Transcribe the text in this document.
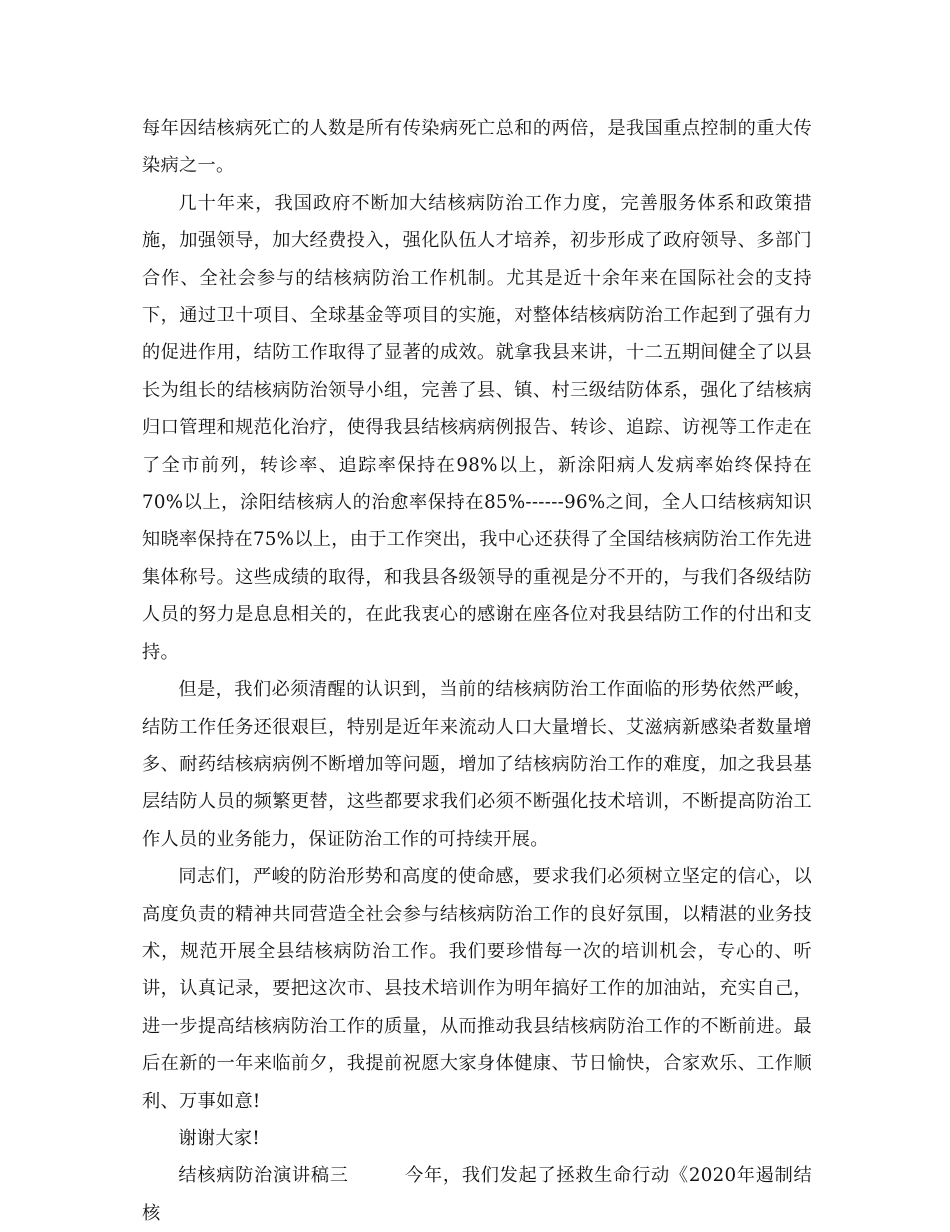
每年因结核病死亡的人数是所有传染病死亡总和的两倍，是我国重点控制的重大传染病之一。

几十年来，我国政府不断加大结核病防治工作力度，完善服务体系和政策措施，加强领导，加大经费投入，强化队伍人才培养，初步形成了政府领导、多部门合作、全社会参与的结核病防治工作机制。尤其是近十余年来在国际社会的支持下，通过卫十项目、全球基金等项目的实施，对整体结核病防治工作起到了强有力的促进作用，结防工作取得了显著的成效。就拿我县来讲，十二五期间健全了以县长为组长的结核病防治领导小组，完善了县、镇、村三级结防体系，强化了结核病归口管理和规范化治疗，使得我县结核病病例报告、转诊、追踪、访视等工作走在了全市前列，转诊率、追踪率保持在98%以上，新涂阳病人发病率始终保持在70%以上，涂阳结核病人的治愈率保持在85%------96%之间，全人口结核病知识知晓率保持在75%以上，由于工作突出，我中心还获得了全国结核病防治工作先进集体称号。这些成绩的取得，和我县各级领导的重视是分不开的，与我们各级结防人员的努力是息息相关的，在此我衷心的感谢在座各位对我县结防工作的付出和支持。

但是，我们必须清醒的认识到，当前的结核病防治工作面临的形势依然严峻，结防工作任务还很艰巨，特别是近年来流动人口大量增长、艾滋病新感染者数量增多、耐药结核病病例不断增加等问题，增加了结核病防治工作的难度，加之我县基层结防人员的频繁更替，这些都要求我们必须不断强化技术培训，不断提高防治工作人员的业务能力，保证防治工作的可持续开展。

同志们，严峻的防治形势和高度的使命感，要求我们必须树立坚定的信心，以高度负责的精神共同营造全社会参与结核病防治工作的良好氛围，以精湛的业务技术，规范开展全县结核病防治工作。我们要珍惜每一次的培训机会，专心的、听讲，认真记录，要把这次市、县技术培训作为明年搞好工作的加油站，充实自己，进一步提高结核病防治工作的质量，从而推动我县结核病防治工作的不断前进。最后在新的一年来临前夕，我提前祝愿大家身体健康、节日愉快，合家欢乐、工作顺利、万事如意!

谢谢大家!

结核病防治演讲稿三	今年，我们发起了拯救生命行动《2020年遏制结核
